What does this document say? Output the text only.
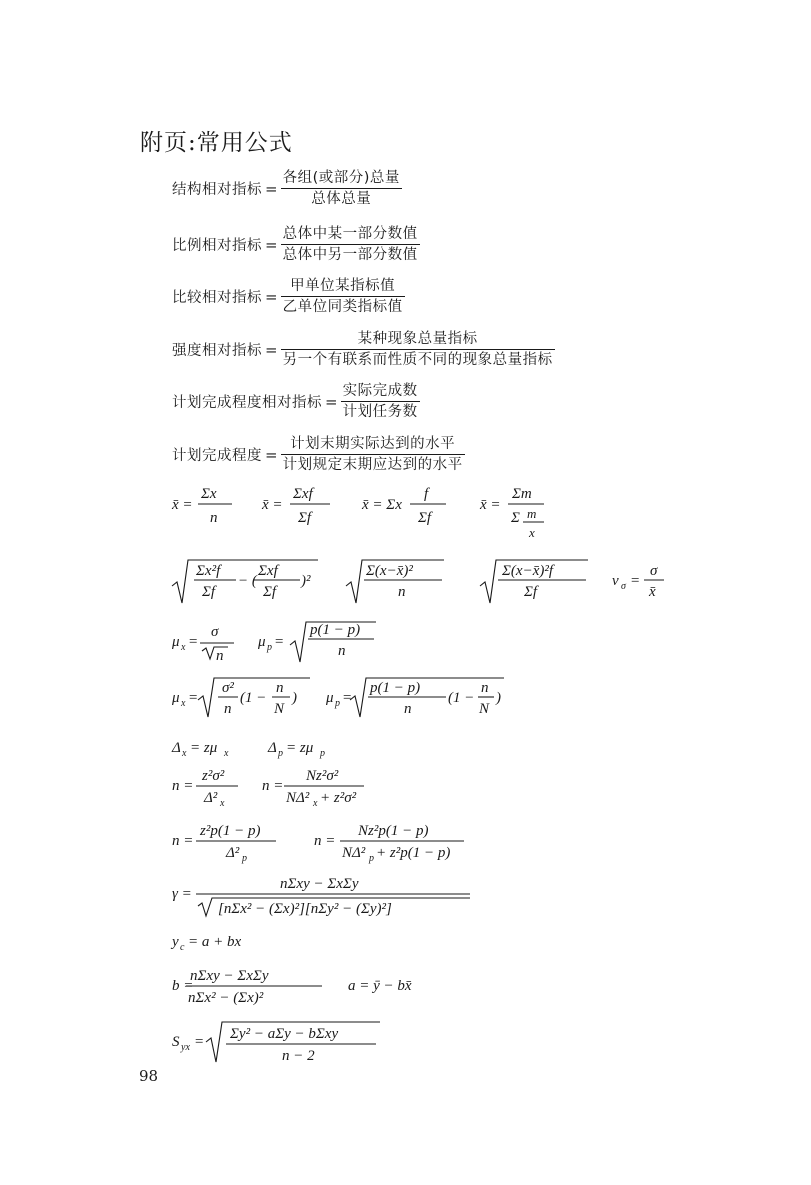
附页:常用公式
结构相对指标 = $\frac{\text{各组(或部分)总量}}{\text{总体总量}}$
比例相对指标 = $\frac{\text{总体中某一部分数值}}{\text{总体中另一部分数值}}$
比较相对指标 = $\frac{\text{甲单位某指标值}}{\text{乙单位同类指标值}}$
强度相对指标 = $\frac{\text{某种现象总量指标}}{\text{另一个有联系而性质不同的现象总量指标}}$
计划完成程度相对指标 = $\frac{\text{实际完成数}}{\text{计划任务数}}$
计划完成程度 = $\frac{\text{计划末期实际达到的水平}}{\text{计划规定末期应达到的水平}}$
x̄ =
Σx
n
x̄ =
Σxf
Σf
x̄ = Σx
f
Σf
x̄ =
Σm
Σ m
x
Σx²f
Σf
− (
Σxf
Σf
)²
Σ(x−x̄)²
n
Σ(x−x̄)²f
Σf
v σ =
σ
x̄
μ x =
σ
n
μ p =
p(1 − p)
n
μ x =
σ²
n
(1 −
n
N
) μ p =
p(1 − p)
n
(1 −
n
N
)
Δ x = zμ x	Δ p = zμ p
n =
z²σ²
Δ² x
n =
Nz²σ²
NΔ² x + z²σ²
n =
z²p(1 − p)
Δ² p
n =
Nz²p(1 − p)
NΔ² p + z²p(1 − p)
γ =
nΣxy − ΣxΣy
[nΣx² − (Σx)²][nΣy² − (Σy)²]
y c = a + bx
b =
nΣxy − ΣxΣy
nΣx² − (Σx)²
a = ȳ − bx̄
S yx = Σy² − aΣy − bΣxy
n − 2
98
